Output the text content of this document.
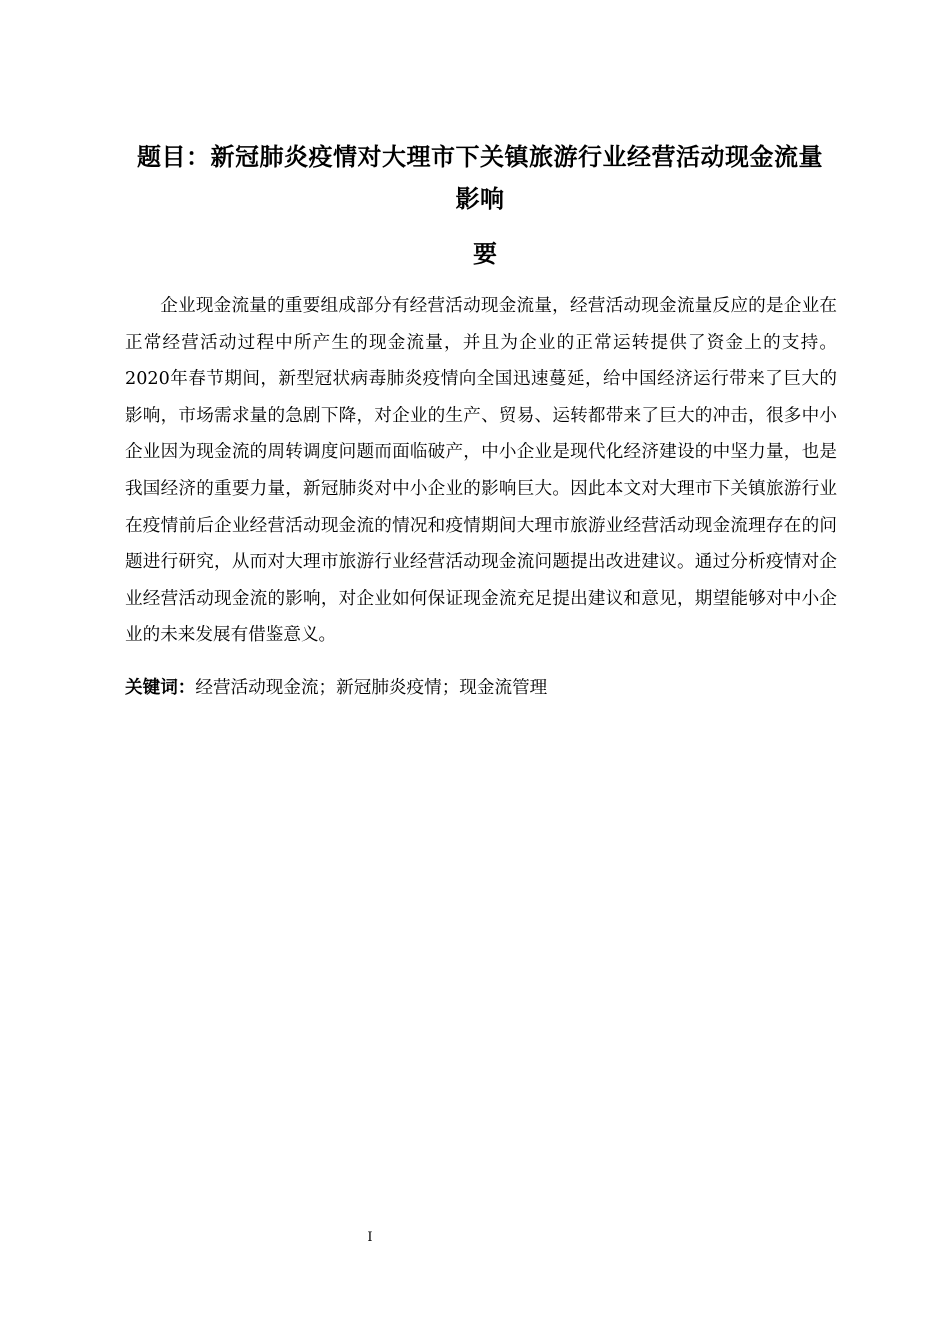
题目：新冠肺炎疫情对大理市下关镇旅游行业经营活动现金流量影响
要

企业现金流量的重要组成部分有经营活动现金流量，经营活动现金流量反应的是企业在正常经营活动过程中所产生的现金流量，并且为企业的正常运转提供了资金上的支持。2020年春节期间，新型冠状病毒肺炎疫情向全国迅速蔓延，给中国经济运行带来了巨大的影响，市场需求量的急剧下降，对企业的生产、贸易、运转都带来了巨大的冲击，很多中小企业因为现金流的周转调度问题而面临破产，中小企业是现代化经济建设的中坚力量，也是我国经济的重要力量，新冠肺炎对中小企业的影响巨大。因此本文对大理市下关镇旅游行业在疫情前后企业经营活动现金流的情况和疫情期间大理市旅游业经营活动现金流理存在的问题进行研究，从而对大理市旅游行业经营活动现金流问题提出改进建议。通过分析疫情对企业经营活动现金流的影响，对企业如何保证现金流充足提出建议和意见，期望能够对中小企业的未来发展有借鉴意义。

关键词：经营活动现金流；新冠肺炎疫情；现金流管理

I
